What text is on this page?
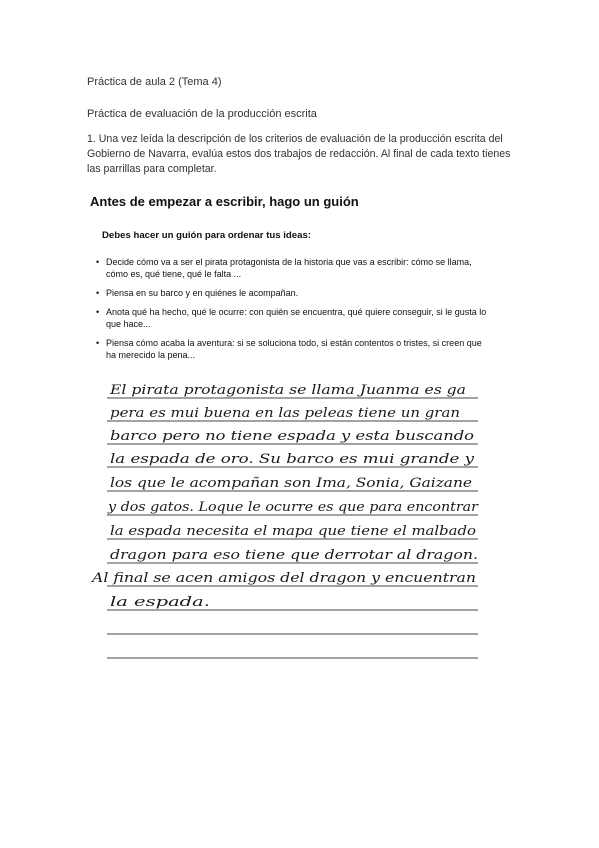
Práctica de aula 2 (Tema 4)
Práctica de evaluación de la producción escrita
1. Una vez leída la descripción de los criterios de evaluación de la producción escrita del Gobierno de Navarra, evalúa estos dos trabajos de redacción. Al final de cada texto tienes las parrillas para completar.
Antes de empezar a escribir, hago un guión
Debes hacer un guión para ordenar tus ideas:
• Decide cómo va a ser el pirata protagonista de la historia que vas a escribir: cómo se llama, cómo es, qué tiene, qué le falta ...
• Piensa en su barco y en quiénes le acompañan.
• Anota qué ha hecho, qué le ocurre: con quién se encuentra, qué quiere conseguir, si le gusta lo que hace...
• Piensa cómo acaba la aventura: si se soluciona todo, si están contentos o tristes, si creen que ha merecido la pena...
El pirata protagonista se llama Juanma es ga
pera es mui buena en las peleas tiene un gran
barco pero no tiene espada y esta buscando
la espada de oro. Su barco es mui grande y
los que le acompañan son Ima, Sonia, Gaizane
y dos gatos. Loque le ocurre es que para encontrar
la espada necesita el mapa que tiene el malbado
dragon para eso tiene que derrotar al dragon.
Al final se acen amigos del dragon y encuentran
la espada.
